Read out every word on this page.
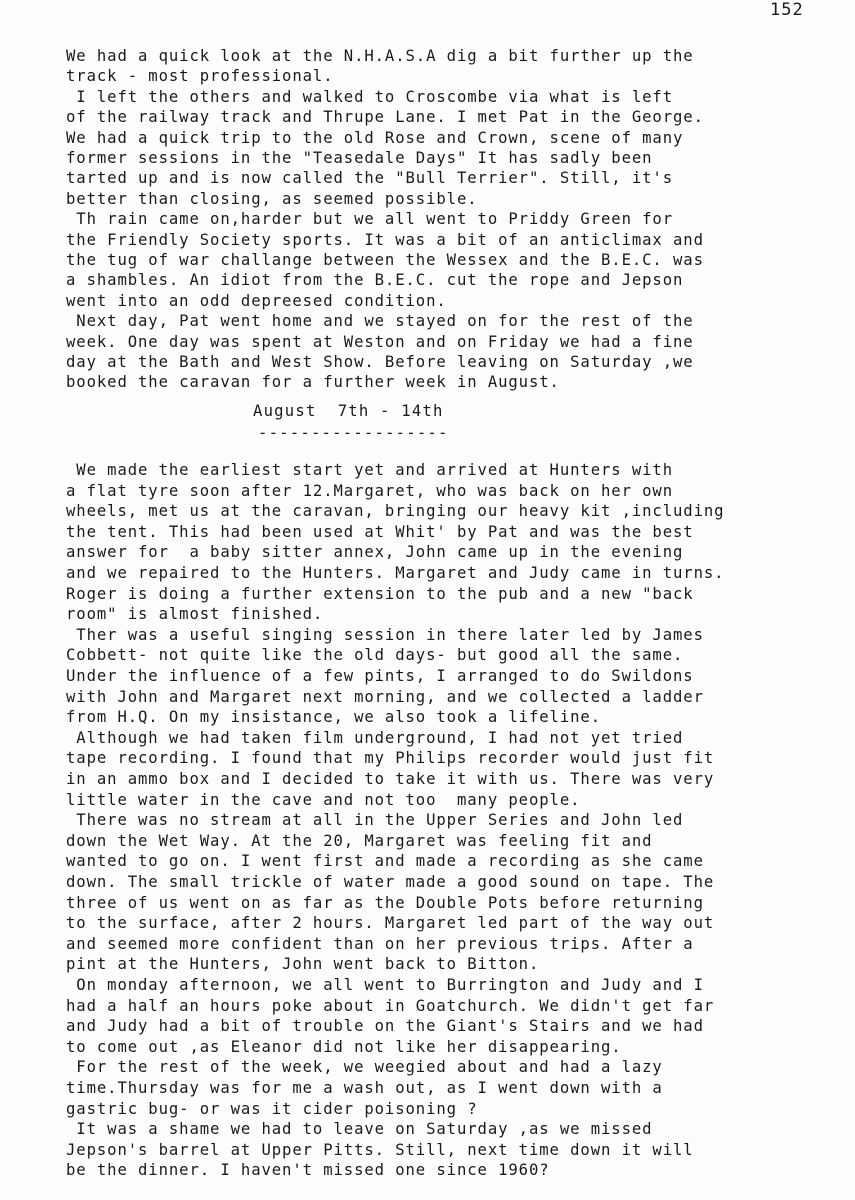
152
We had a quick look at the N.H.A.S.A dig a bit further up the
track - most professional.
I left the others and walked to Croscombe via what is left
of the railway track and Thrupe Lane. I met Pat in the George.
We had a quick trip to the old Rose and Crown, scene of many
former sessions in the "Teasedale Days" It has sadly been
tarted up and is now called the "Bull Terrier". Still, it's
better than closing, as seemed possible.
Th rain came on,harder but we all went to Priddy Green for
the Friendly Society sports. It was a bit of an anticlimax and
the tug of war challange between the Wessex and the B.E.C. was
a shambles. An idiot from the B.E.C. cut the rope and Jepson
went into an odd depreesed condition.
Next day, Pat went home and we stayed on for the rest of the
week. One day was spent at Weston and on Friday we had a fine
day at the Bath and West Show. Before leaving on Saturday ,we
booked the caravan for a further week in August.
August  7th - 14th
------------------
We made the earliest start yet and arrived at Hunters with
a flat tyre soon after 12.Margaret, who was back on her own
wheels, met us at the caravan, bringing our heavy kit ,including
the tent. This had been used at Whit' by Pat and was the best
answer for  a baby sitter annex, John came up in the evening
and we repaired to the Hunters. Margaret and Judy came in turns.
Roger is doing a further extension to the pub and a new "back
room" is almost finished.
Ther was a useful singing session in there later led by James
Cobbett- not quite like the old days- but good all the same.
Under the influence of a few pints, I arranged to do Swildons
with John and Margaret next morning, and we collected a ladder
from H.Q. On my insistance, we also took a lifeline.
Although we had taken film underground, I had not yet tried
tape recording. I found that my Philips recorder would just fit
in an ammo box and I decided to take it with us. There was very
little water in the cave and not too  many people.
There was no stream at all in the Upper Series and John led
down the Wet Way. At the 20, Margaret was feeling fit and
wanted to go on. I went first and made a recording as she came
down. The small trickle of water made a good sound on tape. The
three of us went on as far as the Double Pots before returning
to the surface, after 2 hours. Margaret led part of the way out
and seemed more confident than on her previous trips. After a
pint at the Hunters, John went back to Bitton.
On monday afternoon, we all went to Burrington and Judy and I
had a half an hours poke about in Goatchurch. We didn't get far
and Judy had a bit of trouble on the Giant's Stairs and we had
to come out ,as Eleanor did not like her disappearing.
For the rest of the week, we weegied about and had a lazy
time.Thursday was for me a wash out, as I went down with a
gastric bug- or was it cider poisoning ?
It was a shame we had to leave on Saturday ,as we missed
Jepson's barrel at Upper Pitts. Still, next time down it will
be the dinner. I haven't missed one since 1960?
